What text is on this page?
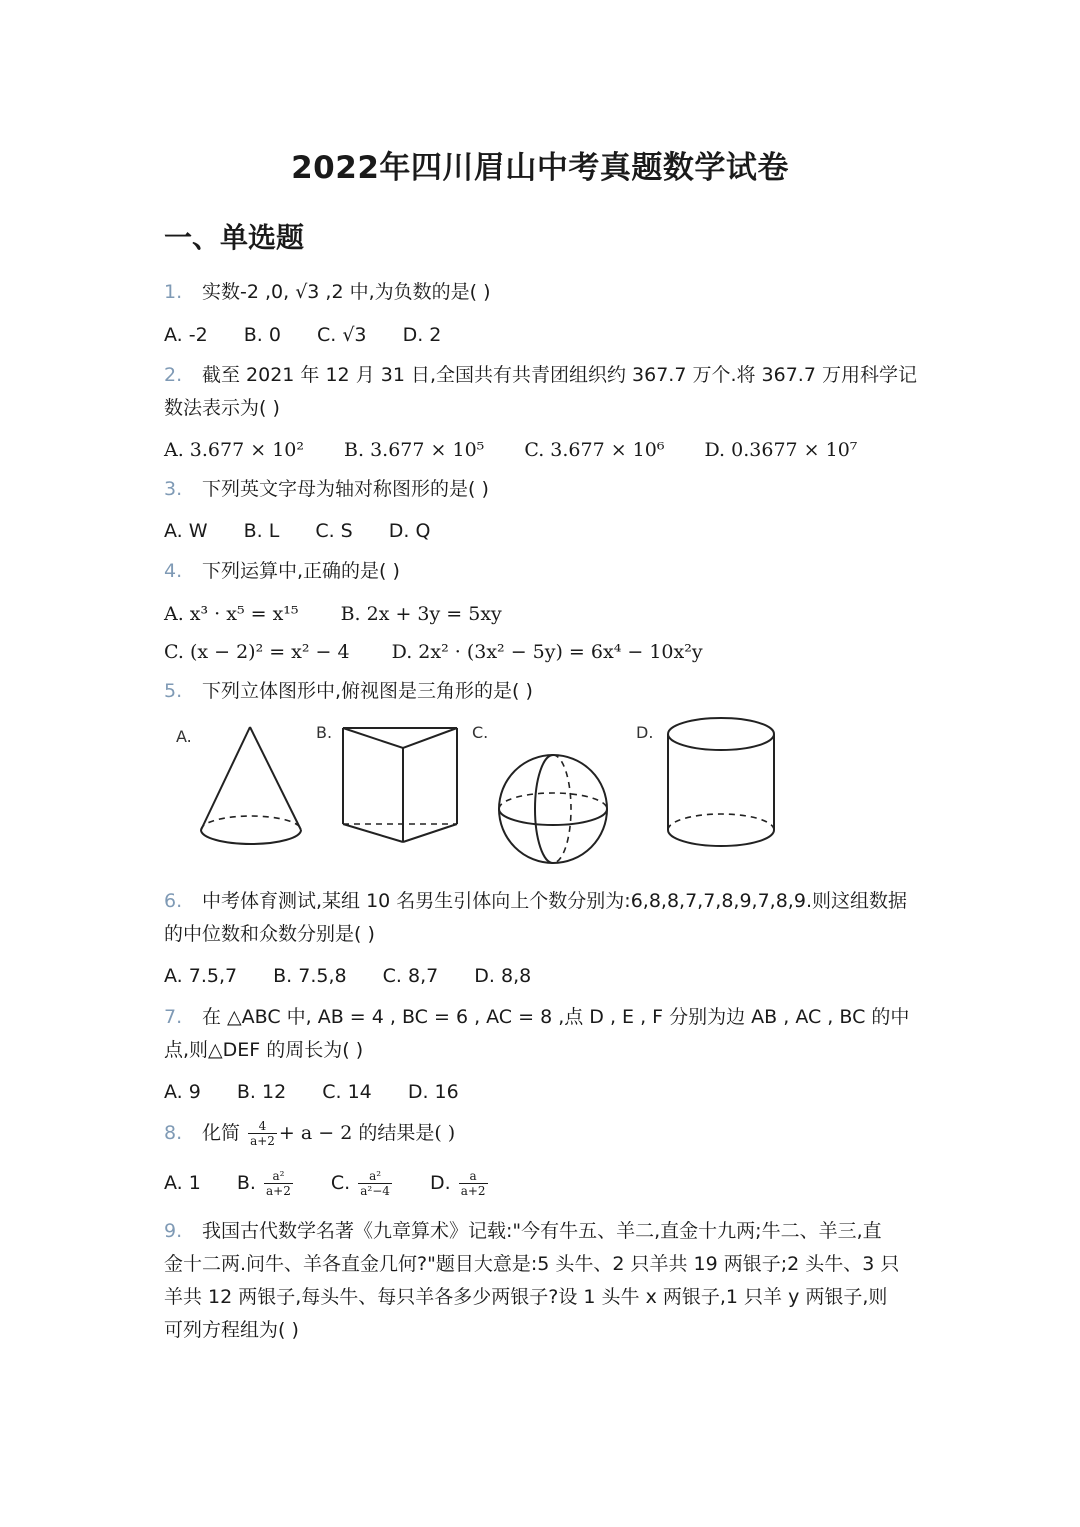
2022年四川眉山中考真题数学试卷
一、单选题
1. 实数-2 ,0, √3 ,2 中,为负数的是( )
A. -2 B. 0 C. √3 D. 2
2. 截至 2021 年 12 月 31 日,全国共有共青团组织约 367.7 万个.将 367.7 万用科学记
数法表示为( )
A. 3.677 × 10² B. 3.677 × 10⁵ C. 3.677 × 10⁶ D. 0.3677 × 10⁷
3. 下列英文字母为轴对称图形的是( )
A. W B. L C. S D. Q
4. 下列运算中,正确的是( )
A. x³ · x⁵ = x¹⁵ B. 2x + 3y = 5xy
C. (x − 2)² = x² − 4 D. 2x² · (3x² − 5y) = 6x⁴ − 10x²y
5. 下列立体图形中,俯视图是三角形的是( )
A.	B.	C.	D.
6. 中考体育测试,某组 10 名男生引体向上个数分别为:6,8,8,7,7,8,9,7,8,9.则这组数据
的中位数和众数分别是( )
A. 7.5,7 B. 7.5,8 C. 8,7 D. 8,8
7. 在 △ABC 中, AB = 4 , BC = 6 , AC = 8 ,点 D , E , F 分别为边 AB , AC , BC 的中
点,则△DEF 的周长为( )
A. 9 B. 12 C. 14 D. 16
8. 化简 $\frac{4}{a+2} + a - 2$ 的结果是( )
A. 1 B. $\frac{\text{a²}}{a+2} C$. $\frac{\text{a²}}{\text{a²−4}} D$. $\frac{a}{a+2}$
9. 我国古代数学名著《九章算术》记载:"今有牛五、羊二,直金十九两;牛二、羊三,直
金十二两.问牛、羊各直金几何?"题目大意是:5 头牛、2 只羊共 19 两银子;2 头牛、3 只
羊共 12 两银子,每头牛、每只羊各多少两银子?设 1 头牛 x 两银子,1 只羊 y 两银子,则
可列方程组为( )
